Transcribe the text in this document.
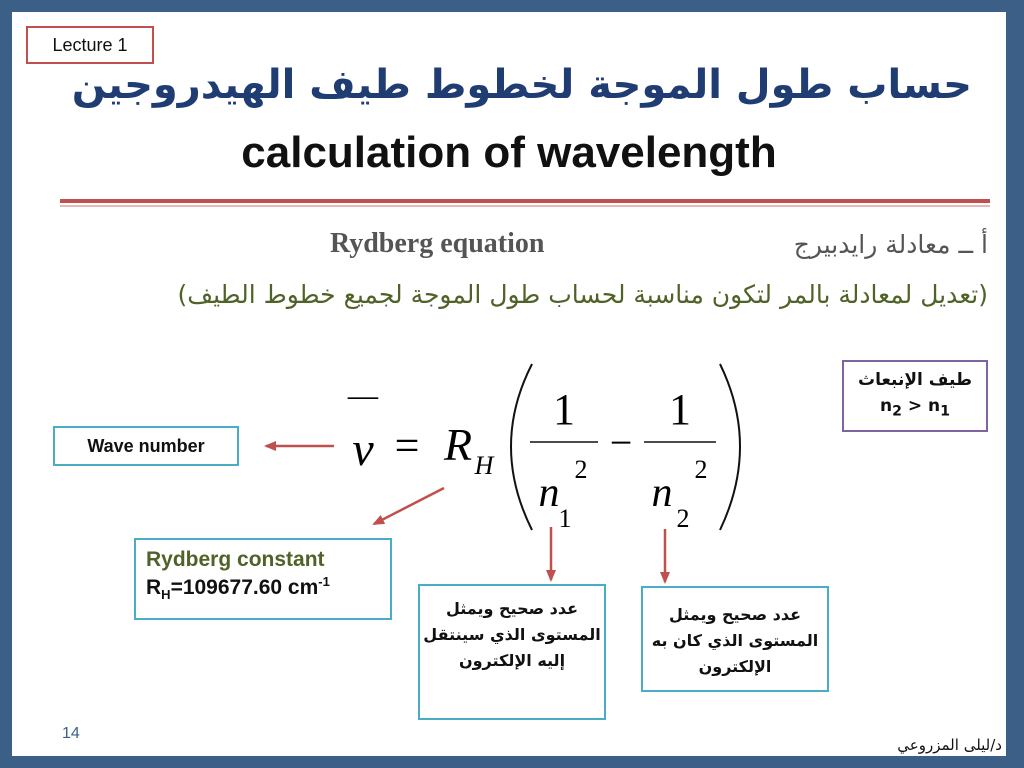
Lecture 1
حساب طول الموجة لخطوط طيف الهيدروجين
calculation of wavelength
أ ــ معادلة رايدبيرج
Rydberg equation
(تعديل لمعادلة بالمر لتكون مناسبة لحساب طول الموجة لجميع خطوط الطيف)
طيف الإنبعاث
$n_2 > n_1$
Wave number
Rydberg constant
$R_H=109677.60$ $cm^{-1}$
عدد صحيح ويمثل المستوى الذي سينتقل إليه الإلكترون
عدد صحيح ويمثل المستوى الذي كان به الإلكترون
—
ν = R H
1
n
2
1
−
1
n
2
2
14
د/ليلى المزروعي
